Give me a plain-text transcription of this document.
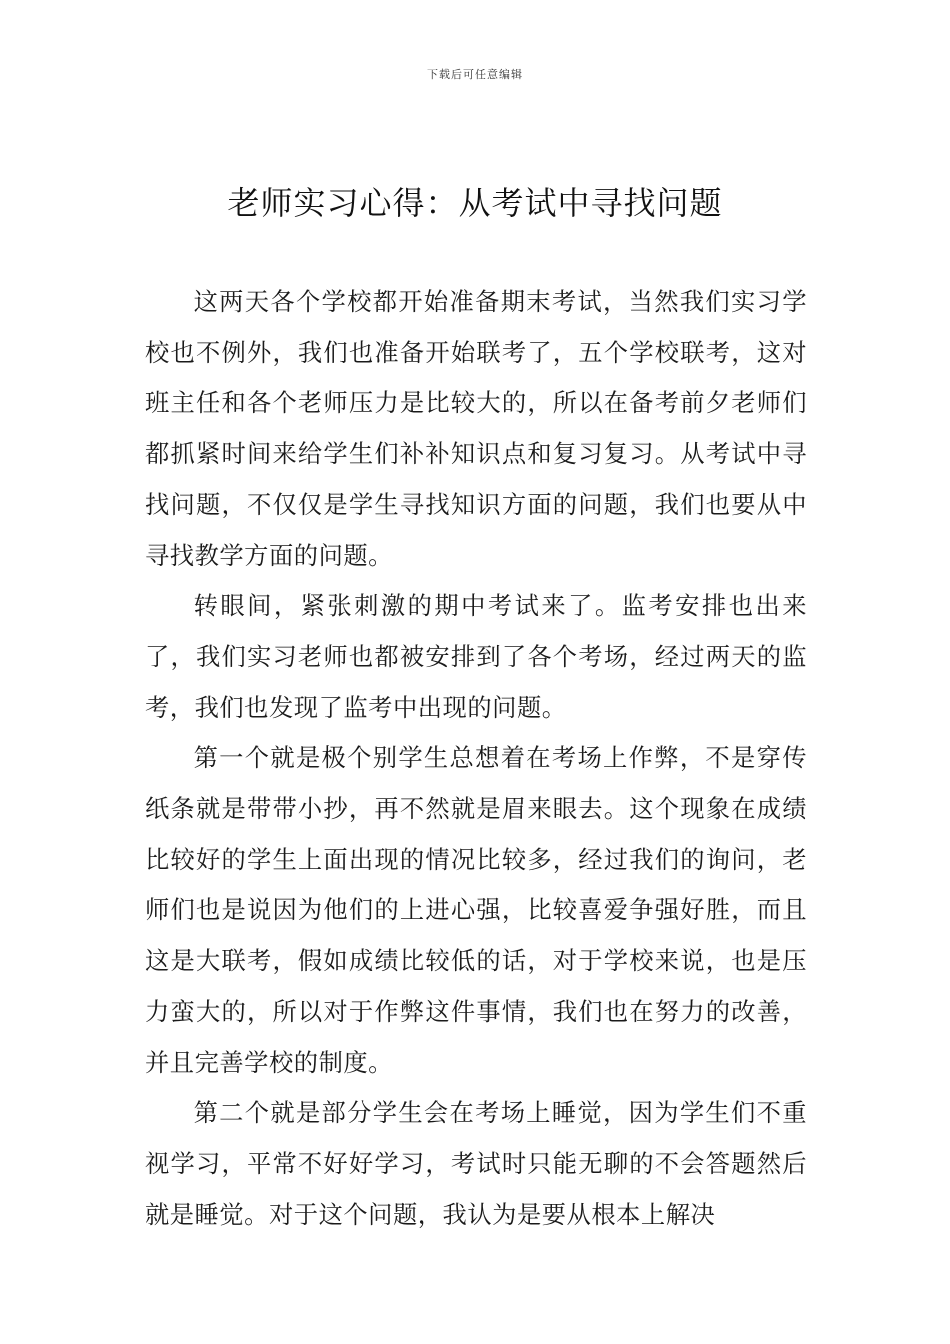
下载后可任意编辑
老师实习心得：从考试中寻找问题

这两天各个学校都开始准备期末考试，当然我们实习学校也不例外，我们也准备开始联考了，五个学校联考，这对班主任和各个老师压力是比较大的，所以在备考前夕老师们都抓紧时间来给学生们补补知识点和复习复习。从考试中寻找问题，不仅仅是学生寻找知识方面的问题，我们也要从中寻找教学方面的问题。

转眼间，紧张刺激的期中考试来了。监考安排也出来了，我们实习老师也都被安排到了各个考场，经过两天的监考，我们也发现了监考中出现的问题。

第一个就是极个别学生总想着在考场上作弊，不是穿传纸条就是带带小抄，再不然就是眉来眼去。这个现象在成绩比较好的学生上面出现的情况比较多，经过我们的询问，老师们也是说因为他们的上进心强，比较喜爱争强好胜，而且这是大联考，假如成绩比较低的话，对于学校来说，也是压力蛮大的，所以对于作弊这件事情，我们也在努力的改善，并且完善学校的制度。

第二个就是部分学生会在考场上睡觉，因为学生们不重视学习，平常不好好学习，考试时只能无聊的不会答题然后就是睡觉。对于这个问题，我认为是要从根本上解决
